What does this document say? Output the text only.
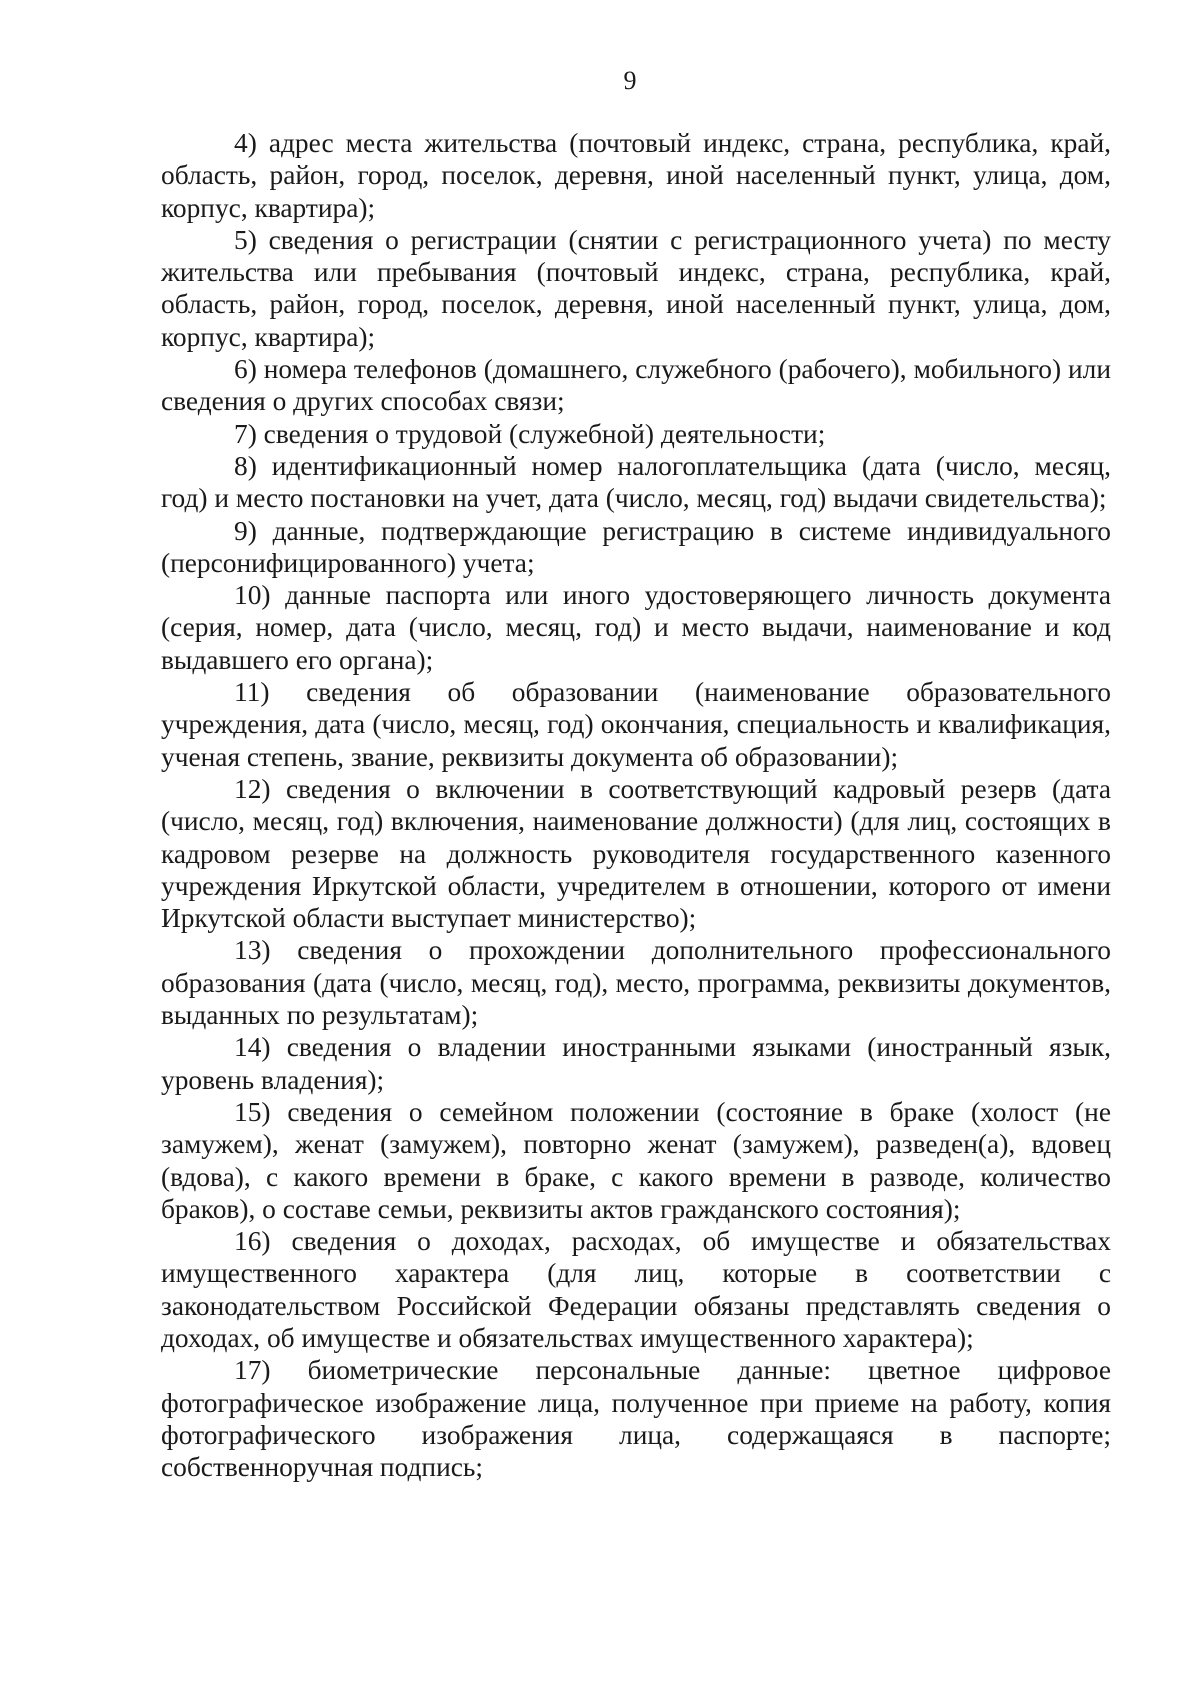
9

4) адрес места жительства (почтовый индекс, страна, республика, край, область, район, город, поселок, деревня, иной населенный пункт, улица, дом, корпус, квартира);

5) сведения о регистрации (снятии с регистрационного учета) по месту жительства или пребывания (почтовый индекс, страна, республика, край, область, район, город, поселок, деревня, иной населенный пункт, улица, дом, корпус, квартира);

6) номера телефонов (домашнего, служебного (рабочего), мобильного) или сведения о других способах связи;

7) сведения о трудовой (служебной) деятельности;

8) идентификационный номер налогоплательщика (дата (число, месяц, год) и место постановки на учет, дата (число, месяц, год) выдачи свидетельства);

9) данные, подтверждающие регистрацию в системе индивидуального (персонифицированного) учета;

10) данные паспорта или иного удостоверяющего личность документа (серия, номер, дата (число, месяц, год) и место выдачи, наименование и код выдавшего его органа);

11) сведения об образовании (наименование образовательного учреждения, дата (число, месяц, год) окончания, специальность и квалификация, ученая степень, звание, реквизиты документа об образовании);

12) сведения о включении в соответствующий кадровый резерв (дата (число, месяц, год) включения, наименование должности) (для лиц, состоящих в кадровом резерве на должность руководителя государственного казенного учреждения Иркутской области, учредителем в отношении, которого от имени Иркутской области выступает министерство);

13) сведения о прохождении дополнительного профессионального образования (дата (число, месяц, год), место, программа, реквизиты документов, выданных по результатам);

14) сведения о владении иностранными языками (иностранный язык, уровень владения);

15) сведения о семейном положении (состояние в браке (холост (не замужем), женат (замужем), повторно женат (замужем), разведен(а), вдовец (вдова), с какого времени в браке, с какого времени в разводе, количество браков), о составе семьи, реквизиты актов гражданского состояния);

16) сведения о доходах, расходах, об имуществе и обязательствах имущественного характера (для лиц, которые в соответствии с законодательством Российской Федерации обязаны представлять сведения о доходах, об имуществе и обязательствах имущественного характера);

17) биометрические персональные данные: цветное цифровое фотографическое изображение лица, полученное при приеме на работу, копия фотографического изображения лица, содержащаяся в паспорте; собственноручная подпись;
